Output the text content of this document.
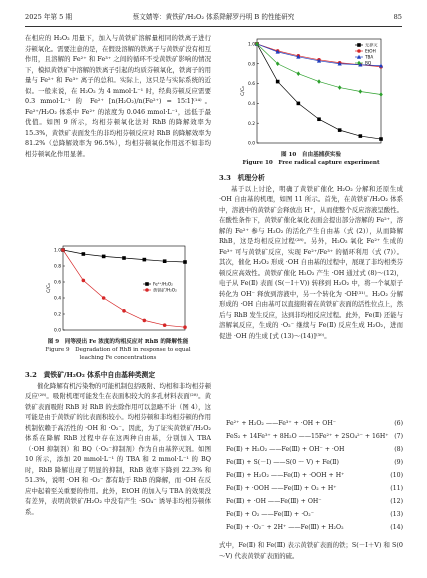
2025 年第 5 期	蔡文婧等：黄铁矿/H₂O₂ 体系降解罗丹明 B 的性能研究	85

在相应的 H₂O₂ 用量下，加入与黄铁矿溶解量相同的铁离子进行芬顿氧化。需要注意的是，在假设溶解的铁离子与黄铁矿没有相互作用，且溶解的 Fe²⁺ 和 Fe³⁺ 之间的循环不受黄铁矿影响的情况下，模拟黄铁矿中溶解的铁离子引起的均质芬顿氧化，铁离子的用量与 Fe²⁺ 和 Fe³⁺ 离子的总和。实际上，这只是与实际系统的近似。一般来说，在 H₂O₂ 为 4 mmol·L⁻¹ 时，经典芬顿反应需要 0.3 mmol·L⁻¹ 的 Fe²⁺ [n(H₂O₂)/n(Fe²⁺) = 15∶1]⁽¹⁴⁾。Fe²⁺/H₂O₂ 体系中 Fe²⁺ 的浓度为 0.046 mmol·L⁻¹，远低于最优值。如图 9 所示，均相芬顿氧化法对 RhB 的降解效率为 15.3%，黄铁矿表面发生的非均相芬顿反应对 RhB 的降解效率为 81.2%（总降解效率为 96.5%），均相芬顿氧化作用远不如非均相芬顿氧化作用显著。

0.0
0.2
0.4
0.6
0.8
1.0
C/C₀	Fe²⁺/H₂O₂
黄铁矿/H₂O₂
图 9　同等浸出 Fe 浓度的均相反应对 RhB 的降解性能
Figure 9　Degradation of RhB in response to equal
leaching Fe concentrations

3.2　黄铁矿/H₂O₂ 体系中自由基种类测定

催化降解有机污染物的可能机制包括吸附、均相和非均相芬顿反应⁽²⁸⁾。吸附机理可能发生在表面积较大的多孔材料表面⁽²⁸⁾。黄铁矿表面吸附 RhB 对 RhB 的去除作用可以忽略不计（图 4），这可能是由于黄铁矿的比表面积较小。均相芬顿和非均相芬顿的作用机制依赖于高活性的 ·OH 和 ·O₂⁻。因此，为了证实黄铁矿/H₂O₂ 体系在降解 RhB 过程中存在这两种自由基，分别加入 TBA（·OH 抑制剂）和 BQ（·O₂⁻抑制剂）作为自由基猝灭剂。如图 10 所示，添加 20 mmol·L⁻¹ 的 TBA 和 2 mmol·L⁻¹ 的 BQ 时，RhB 降解出现了明显的抑制，RhB 效率下降到 22.3% 和 51.3%，说明 ·OH 和 ·O₂⁻ 都有助于 RhB 的降解，而 ·OH 在反应中起着至关重要的作用。此外，EtOH 的加入与 TBA 的效果没有差异，表明黄铁矿/H₂O₂ 中没有产生 ·SO₄⁻ 诱导非均相芬顿体系。

0.0
0.2
0.4
0.6
0.8
1.0
C/C₀
无猝灭
EtOH
TBA
BQ
图 10　自由基捕获实验
Figure 10　Free radical capture experiment

3.3　机理分析

基于以上讨论，明确了黄铁矿催化 H₂O₂ 分解和还原生成 ·OH 自由基的机理，如图 11 所示。首先，在黄铁矿/H₂O₂ 体系中，溶液中的黄铁矿会释放出 H⁺，从而使整个反应溶液呈酸性。在酸性条件下，黄铁矿催化氧化表面会提出部分溶解的 Fe²⁺，溶解的 Fe²⁺ 参与 H₂O₂ 的活化产生自由基（式 (2)），从而降解 RhB，这是均相反应过程⁽²⁸⁾。另外，H₂O₂ 氧化 Fe²⁺ 生成的 Fe³⁺ 可与黄铁矿反应，实现 Fe²⁺/Fe³⁺ 的循环利用（式 (7)）。其次，催化 H₂O₂ 形成 ·OH 自由基的过程中，展现了非均相类芬顿反应高效性。黄铁矿催化 H₂O₂ 产生 ·OH 通过式 (8)～(12)，电子从 Fe(Ⅱ) 表面 (S(－Ⅰ＋Ⅴ)) 转移到 H₂O₂ 中，将一个氧原子转化为 OH⁻ 释放到溶液中，另一个转化为 ·OH⁽³¹⁾。H₂O₂ 分解形成的 ·OH 自由基可以直接附着在黄铁矿表面的活性位点上，然后与 RhB 发生反应，达到非均相反应过程。此外，Fe(Ⅱ) 还能与溶解氧反应，生成的 ·O₂⁻ 继续与 Fe(Ⅱ) 反应生成 H₂O₂，进而促进 ·OH 的生成 [式 (13)～(14)]⁽³⁰⁾。

Fe²⁺ + H₂O₂ ——Fe³⁺ + ·OH + OH⁻	(6)
FeS₂ + 14Fe³⁺ + 8H₂O ——15Fe²⁺ + 2SO₄²⁻ + 16H⁺ (7)
Fe(Ⅱ) + H₂O₂ ——Fe(Ⅲ) + OH⁻ + ·OH	(8)
Fe(Ⅲ) + S(－Ⅰ) ——S(0 ～ Ⅴ) + Fe(Ⅱ)	(9)
Fe(Ⅲ) + H₂O₂ ——Fe(Ⅱ) + ·OOH + H⁺	(10)
Fe(Ⅱ) + ·OOH ——Fe(Ⅲ) + O₂ + H⁺	(11)
Fe(Ⅲ) + ·OH ——Fe(Ⅲ) + OH⁻	(12)
Fe(Ⅱ) + O₂ ——Fe(Ⅲ) + ·O₂⁻	(13)
Fe(Ⅱ) + ·O₂⁻ + 2H⁺ ——Fe(Ⅲ) + H₂O₂	(14)
式中，Fe(Ⅱ) 和 Fe(Ⅲ) 表示黄铁矿表面的铁；S(－Ⅰ＋Ⅴ) 和 S(0～Ⅴ) 代表黄铁矿表面的硫。
